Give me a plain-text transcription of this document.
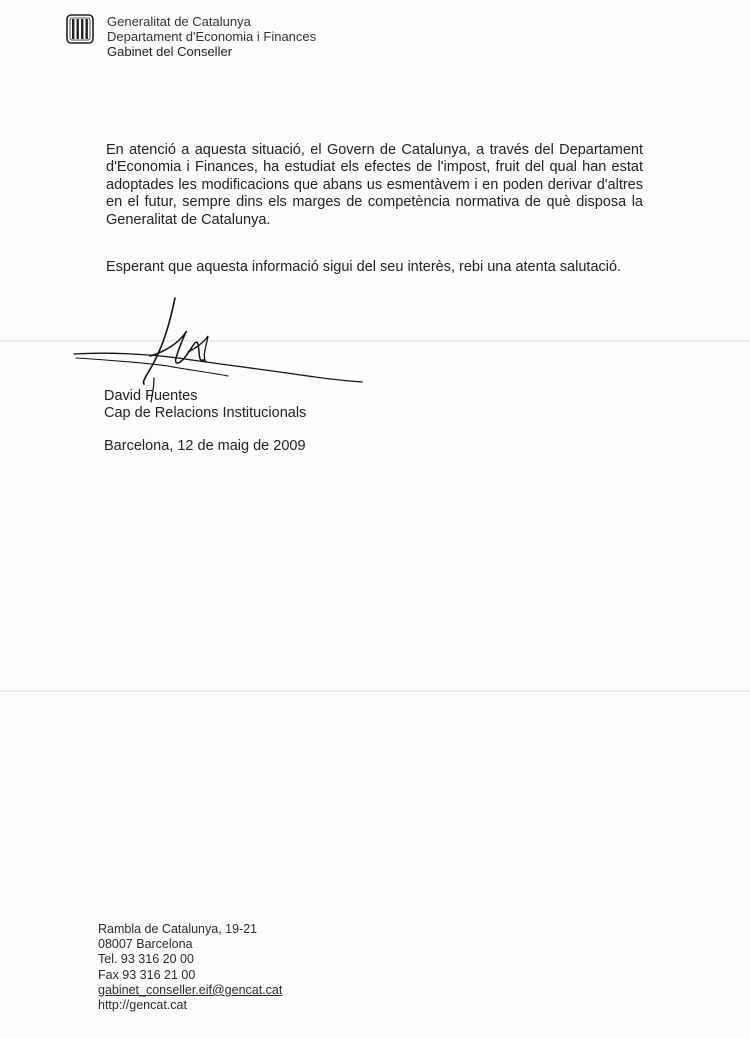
Generalitat de Catalunya
Departament d'Economia i Finances
Gabinet del Conseller
En atenció a aquesta situació, el Govern de Catalunya, a través del Departament d'Economia i Finances, ha estudiat els efectes de l'impost, fruit del qual han estat adoptades les modificacions que abans us esmentàvem i en poden derivar d'altres en el futur, sempre dins els marges de competència normativa de què disposa la Generalitat de Catalunya.
Esperant que aquesta informació sigui del seu interès, rebi una atenta salutació.
David Fuentes
Cap de Relacions Institucionals
Barcelona, 12 de maig de 2009
Rambla de Catalunya, 19-21
08007 Barcelona
Tel. 93 316 20 00
Fax 93 316 21 00
gabinet_conseller.eif@gencat.cat
http://gencat.cat
